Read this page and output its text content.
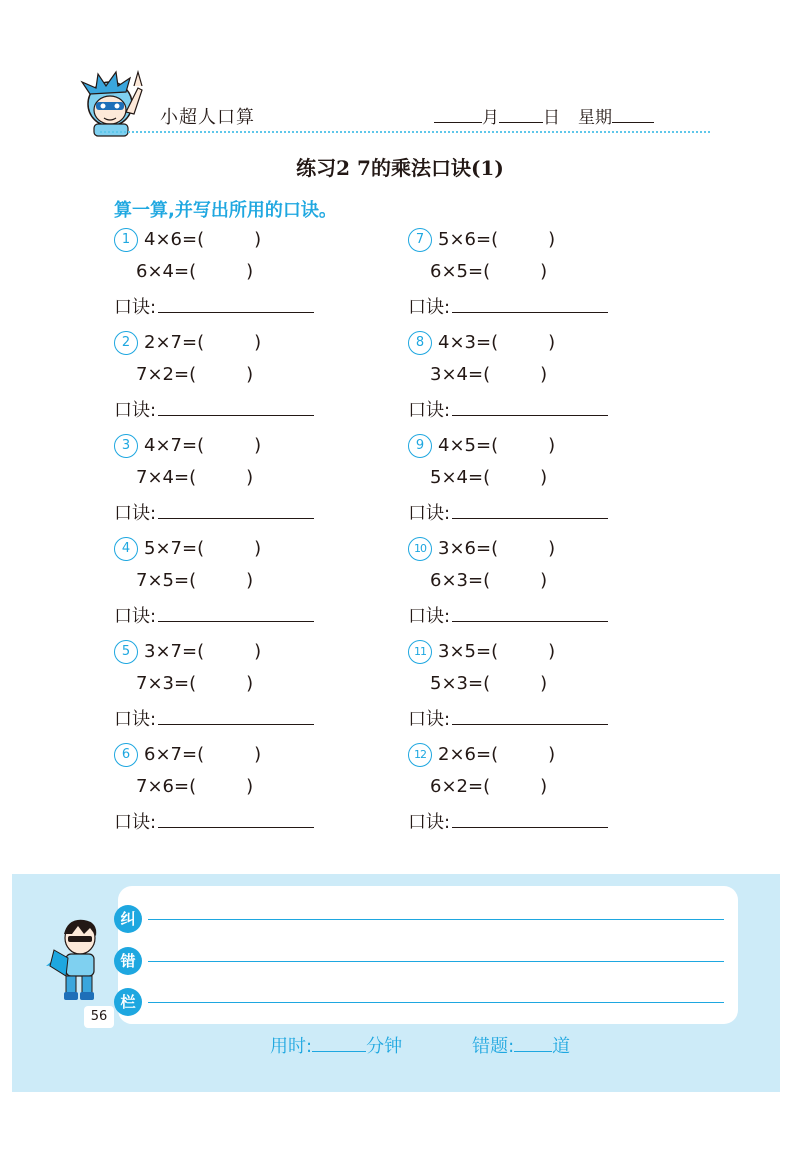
小超人口算	月	日 星期
练习2 7的乘法口诀(1)
算一算,并写出所用的口诀。
1 4×6=(	)
6×4=(	)
口诀:
2 2×7=(	)
7×2=(	)
口诀:
3 4×7=(	)
7×4=(	)
口诀:
4 5×7=(	)
7×5=(	)
口诀:
5 3×7=(	)
7×3=(	)
口诀:
6 6×7=(	)
7×6=(	)
口诀:
7 5×6=(	)
6×5=(	)
口诀:
8 4×3=(	)
3×4=(	)
口诀:
9 4×5=(	)
5×4=(	)
口诀:
10 3×6=(	)
6×3=(	)
口诀:
11 3×5=(	)
5×3=(	)
口诀:
12 2×6=(	)
6×2=(	)
口诀:
纠
错
栏
56
用时:	分钟	错题: 道
